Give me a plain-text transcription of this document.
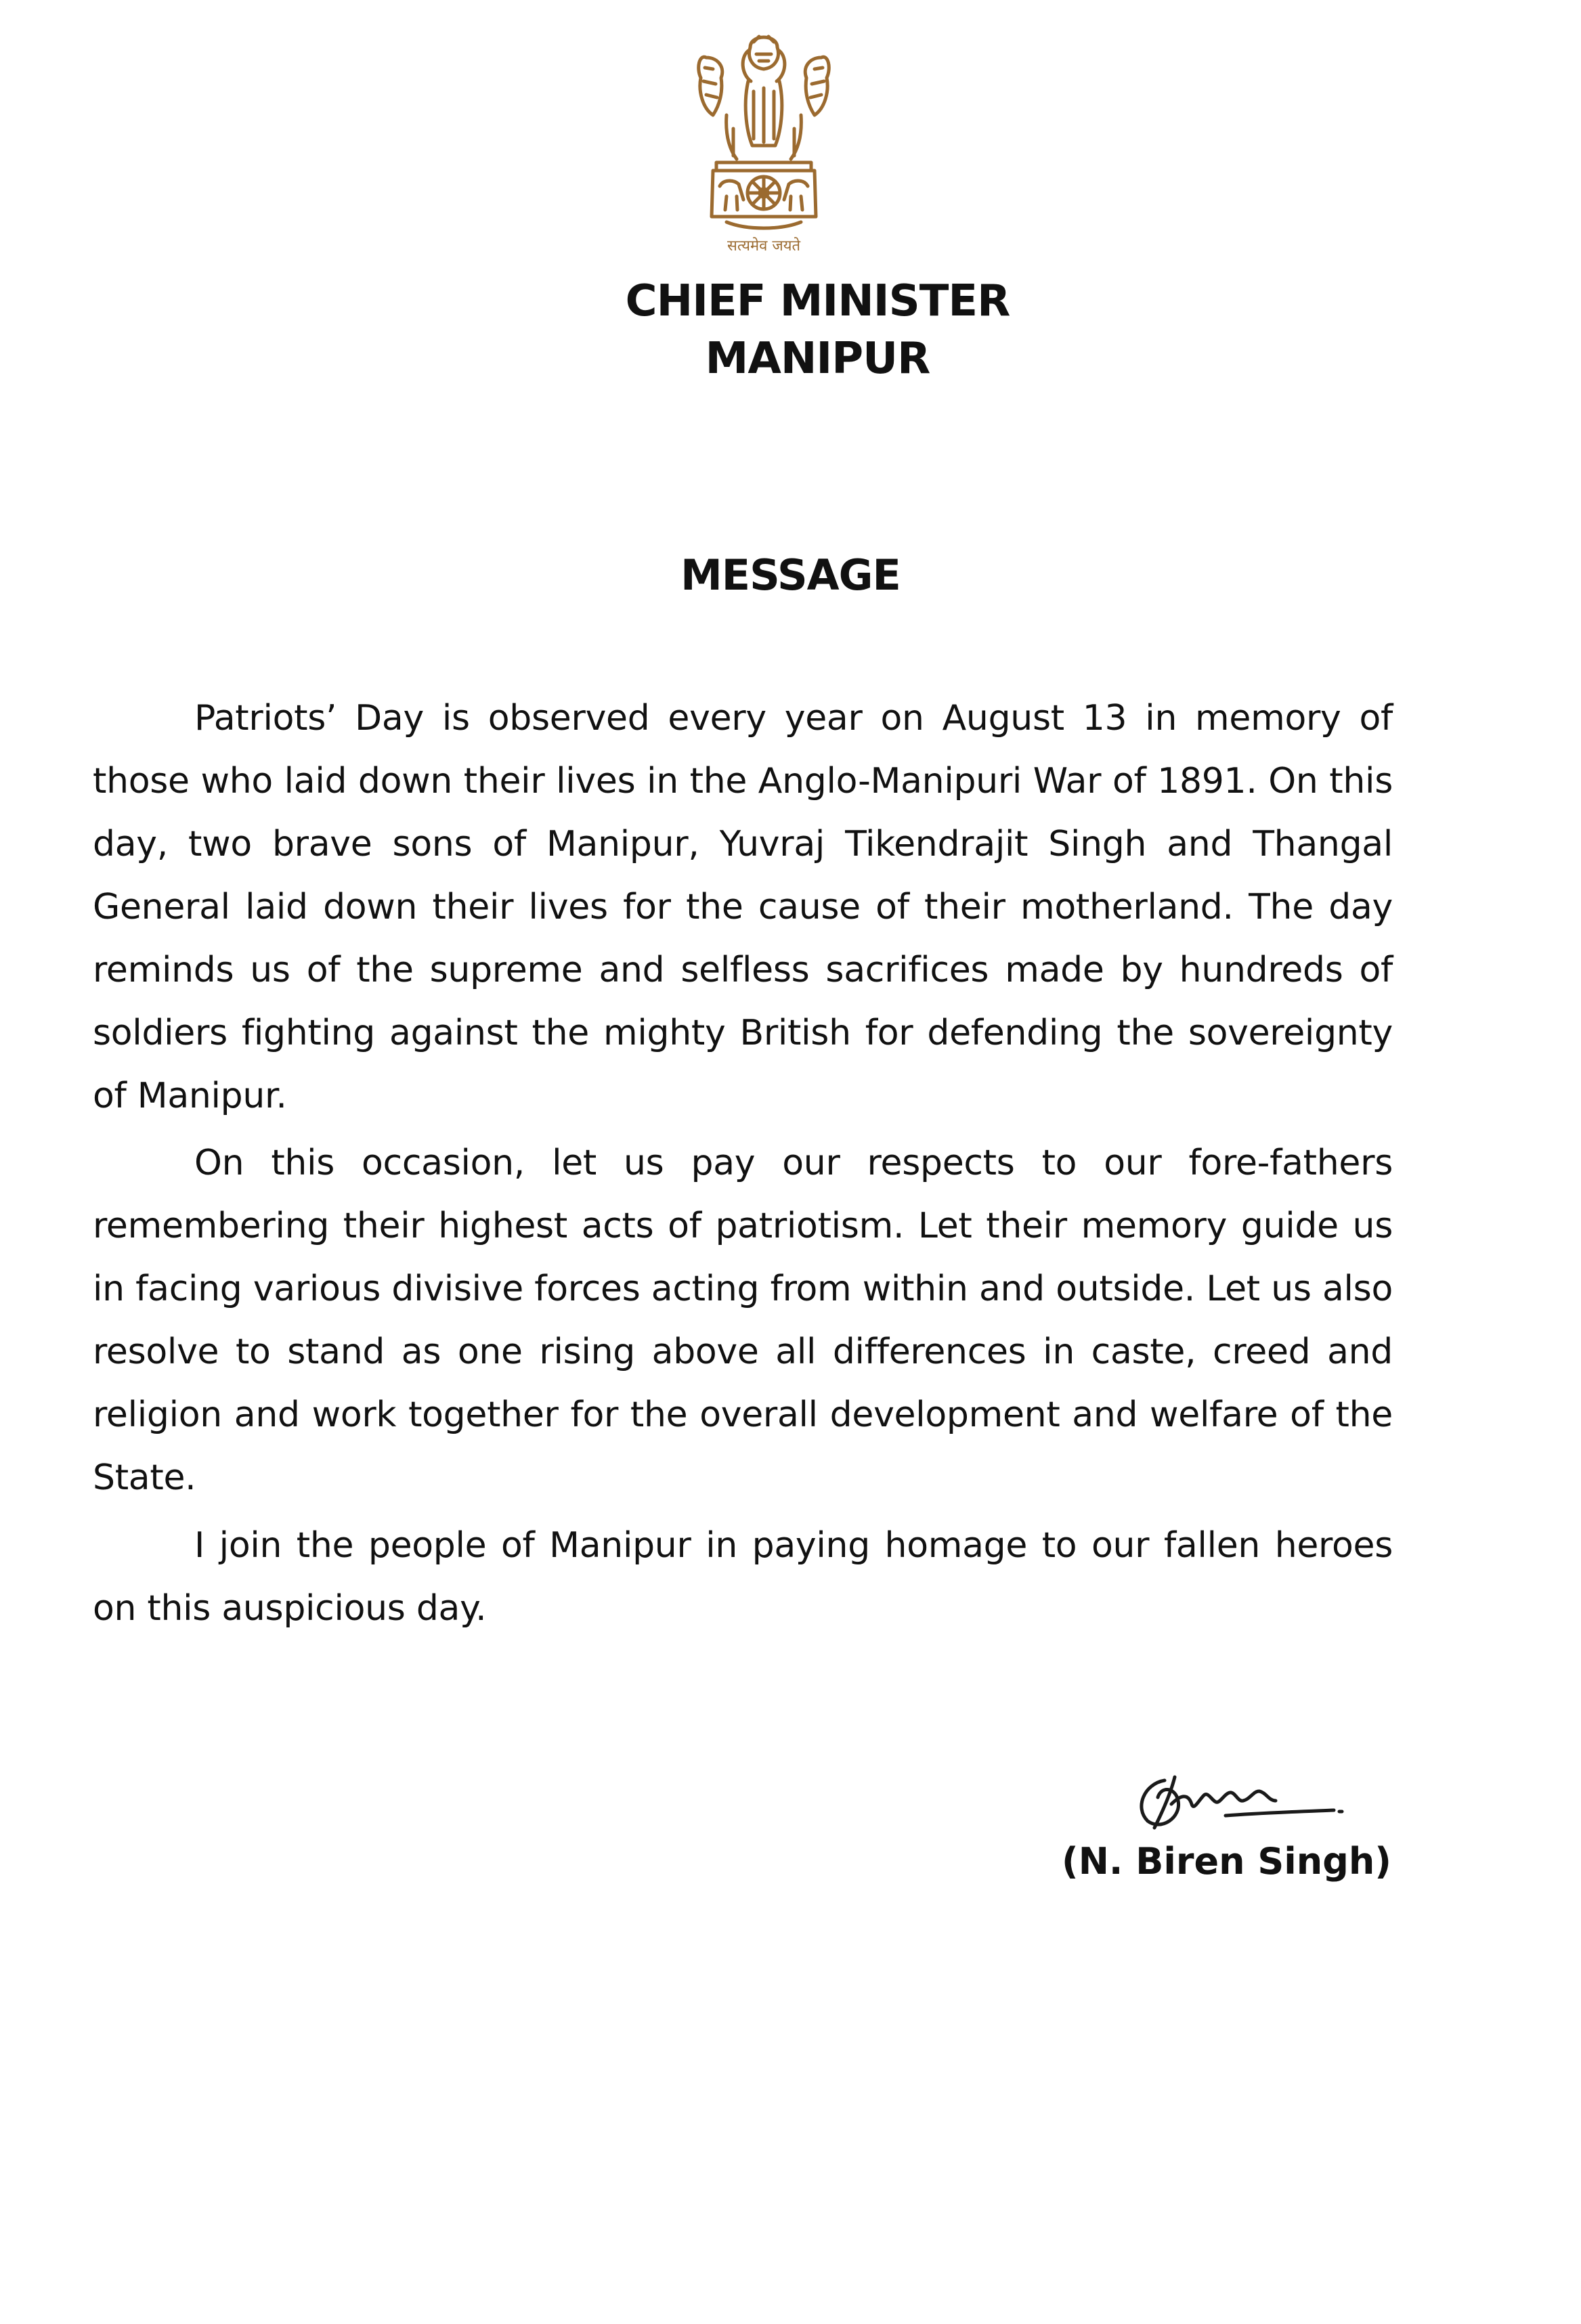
सत्यमेव जयते
CHIEF MINISTER
MANIPUR
MESSAGE

Patriots’ Day is observed every year on August 13 in memory of those who laid down their lives in the Anglo-Manipuri War of 1891. On this day, two brave sons of Manipur, Yuvraj Tikendrajit Singh and Thangal General laid down their lives for the cause of their motherland. The day reminds us of the supreme and selfless sacrifices made by hundreds of soldiers fighting against the mighty British for defending the sovereignty of Manipur.

On this occasion, let us pay our respects to our fore-fathers remembering their highest acts of patriotism. Let their memory guide us in facing various divisive forces acting from within and outside. Let us also resolve to stand as one rising above all differences in caste, creed and religion and work together for the overall development and welfare of the State.

I join the people of Manipur in paying homage to our fallen heroes on this auspicious day.

(N. Biren Singh)
